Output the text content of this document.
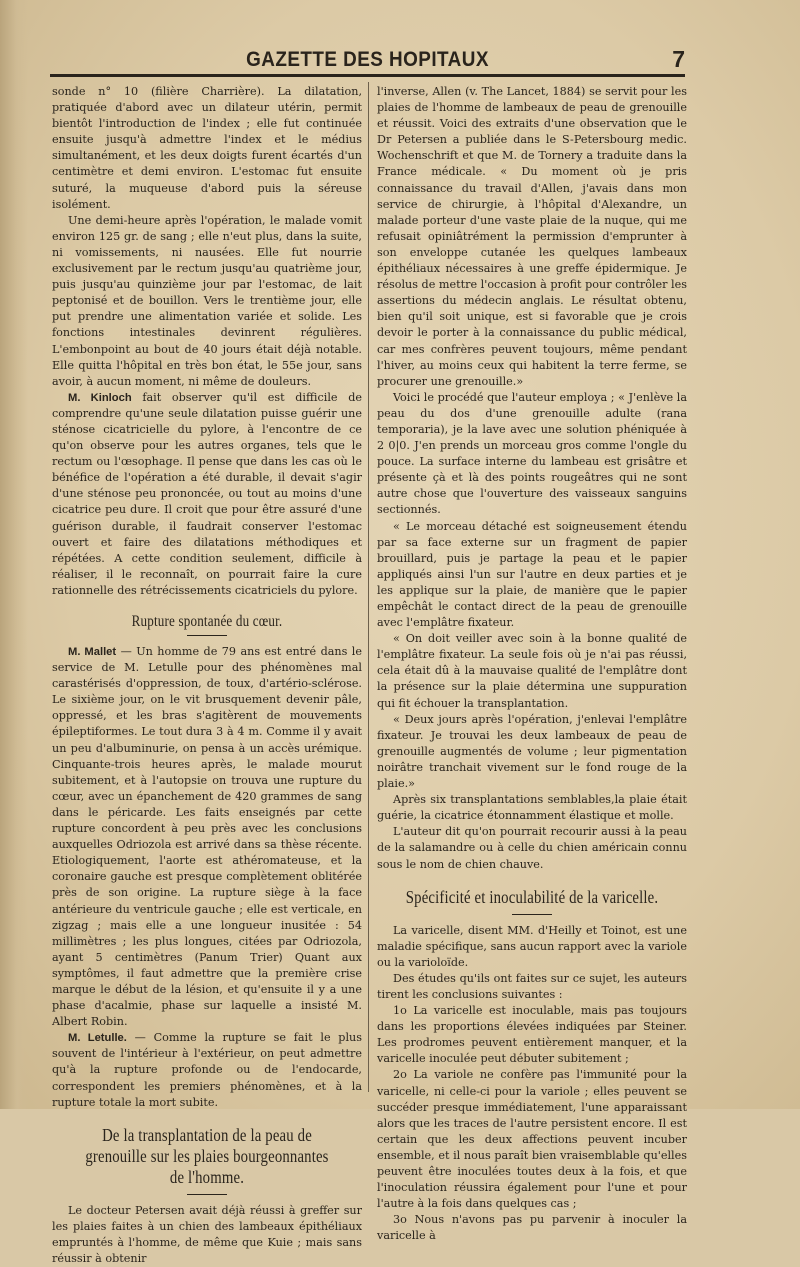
GAZETTE DES HOPITAUX	7

sonde n° 10 (filière Charrière). La dilatation, pratiquée d'abord avec un dilateur utérin, permit bientôt l'introduction de l'index ; elle fut continuée ensuite jusqu'à admettre l'index et le médius simultanément, et les deux doigts furent écartés d'un centimètre et demi environ. L'estomac fut ensuite suturé, la muqueuse d'abord puis la séreuse isolément.

Une demi-heure après l'opération, le malade vomit environ 125 gr. de sang ; elle n'eut plus, dans la suite, ni vomissements, ni nausées. Elle fut nourrie exclusivement par le rectum jusqu'au quatrième jour, puis jusqu'au quinzième jour par l'estomac, de lait peptonisé et de bouillon. Vers le trentième jour, elle put prendre une alimentation variée et solide. Les fonctions intestinales devinrent régulières. L'embonpoint au bout de 40 jours était déjà notable. Elle quitta l'hôpital en très bon état, le 55e jour, sans avoir, à aucun moment, ni même de douleurs.

M. Kinloch fait observer qu'il est difficile de comprendre qu'une seule dilatation puisse guérir une sténose cicatricielle du pylore, à l'encontre de ce qu'on observe pour les autres organes, tels que le rectum ou l'œsophage. Il pense que dans les cas où le bénéfice de l'opération a été durable, il devait s'agir d'une sténose peu prononcée, ou tout au moins d'une cicatrice peu dure. Il croit que pour être assuré d'une guérison durable, il faudrait conserver l'estomac ouvert et faire des dilatations méthodiques et répétées. A cette condition seulement, difficile à réaliser, il le reconnaît, on pourrait faire la cure rationnelle des rétrécissements cicatriciels du pylore.

Rupture spontanée du cœur.

M. Mallet — Un homme de 79 ans est entré dans le service de M. Letulle pour des phénomènes mal carastérisés d'oppression, de toux, d'artério-sclérose. Le sixième jour, on le vit brusquement devenir pâle, oppressé, et les bras s'agitèrent de mouvements épileptiformes. Le tout dura 3 à 4 m. Comme il y avait un peu d'albuminurie, on pensa à un accès urémique. Cinquante-trois heures après, le malade mourut subitement, et à l'autopsie on trouva une rupture du cœur, avec un épanchement de 420 grammes de sang dans le péricarde. Les faits enseignés par cette rupture concordent à peu près avec les conclusions auxquelles Odriozola est arrivé dans sa thèse récente. Etiologiquement, l'aorte est athéromateuse, et la coronaire gauche est presque complètement oblitérée près de son origine. La rupture siège à la face antérieure du ventricule gauche ; elle est verticale, en zigzag ; mais elle a une longueur inusitée : 54 millimètres ; les plus longues, citées par Odriozola, ayant 5 centimètres (Panum Trier) Quant aux symptômes, il faut admettre que la première crise marque le début de la lésion, et qu'ensuite il y a une phase d'acalmie, phase sur laquelle a insisté M. Albert Robin.

M. Letulle. — Comme la rupture se fait le plus souvent de l'intérieur à l'extérieur, on peut admettre qu'à la rupture profonde ou de l'endocarde, correspondent les premiers phénomènes, et à la rupture totale la mort subite.

De la transplantation de la peau de grenouille sur les plaies bourgeonnantes de l'homme.

Le docteur Petersen avait déjà réussi à greffer sur les plaies faites à un chien des lambeaux épithéliaux empruntés à l'homme, de même que Kuie ; mais sans réussir à obtenir

l'inverse, Allen (v. The Lancet, 1884) se servit pour les plaies de l'homme de lambeaux de peau de grenouille et réussit. Voici des extraits d'une observation que le Dr Petersen a publiée dans le S-Petersbourg medic. Wochenschrift et que M. de Tornery a traduite dans la France médicale. « Du moment où je pris connaissance du travail d'Allen, j'avais dans mon service de chirurgie, à l'hôpital d'Alexandre, un malade porteur d'une vaste plaie de la nuque, qui me refusait opiniâtrément la permission d'emprunter à son enveloppe cutanée les quelques lambeaux épithéliaux nécessaires à une greffe épidermique. Je résolus de mettre l'occasion à profit pour contrôler les assertions du médecin anglais. Le résultat obtenu, bien qu'il soit unique, est si favorable que je crois devoir le porter à la connaissance du public médical, car mes confrères peuvent toujours, même pendant l'hiver, au moins ceux qui habitent la terre ferme, se procurer une grenouille.»

Voici le procédé que l'auteur employa ; « J'enlève la peau du dos d'une grenouille adulte (rana temporaria), je la lave avec une solution phéniquée à 2 0|0. J'en prends un morceau gros comme l'ongle du pouce. La surface interne du lambeau est grisâtre et présente çà et là des points rougeâtres qui ne sont autre chose que l'ouverture des vaisseaux sanguins sectionnés.

« Le morceau détaché est soigneusement étendu par sa face externe sur un fragment de papier brouillard, puis je partage la peau et le papier appliqués ainsi l'un sur l'autre en deux parties et je les applique sur la plaie, de manière que le papier empêchât le contact direct de la peau de grenouille avec l'emplâtre fixateur.

« On doit veiller avec soin à la bonne qualité de l'emplâtre fixateur. La seule fois où je n'ai pas réussi, cela était dû à la mauvaise qualité de l'emplâtre dont la présence sur la plaie détermina une suppuration qui fit échouer la transplantation.

« Deux jours après l'opération, j'enlevai l'emplâtre fixateur. Je trouvai les deux lambeaux de peau de grenouille augmentés de volume ; leur pigmentation noirâtre tranchait vivement sur le fond rouge de la plaie.»

Après six transplantations semblables,la plaie était guérie, la cicatrice étonnamment élastique et molle.

L'auteur dit qu'on pourrait recourir aussi à la peau de la salamandre ou à celle du chien américain connu sous le nom de chien chauve.

Spécificité et inoculabilité de la varicelle.

La varicelle, disent MM. d'Heilly et Toinot, est une maladie spécifique, sans aucun rapport avec la variole ou la varioloïde.

Des études qu'ils ont faites sur ce sujet, les auteurs tirent les conclusions suivantes :

1o La varicelle est inoculable, mais pas toujours dans les proportions élevées indiquées par Steiner. Les prodromes peuvent entièrement manquer, et la varicelle inoculée peut débuter subitement ;

2o La variole ne confère pas l'immunité pour la varicelle, ni celle-ci pour la variole ; elles peuvent se succéder presque immédiatement, l'une apparaissant alors que les traces de l'autre persistent encore. Il est certain que les deux affections peuvent incuber ensemble, et il nous paraît bien vraisemblable qu'elles peuvent être inoculées toutes deux à la fois, et que l'inoculation réussira également pour l'une et pour l'autre à la fois dans quelques cas ;

3o Nous n'avons pas pu parvenir à inoculer la varicelle à
